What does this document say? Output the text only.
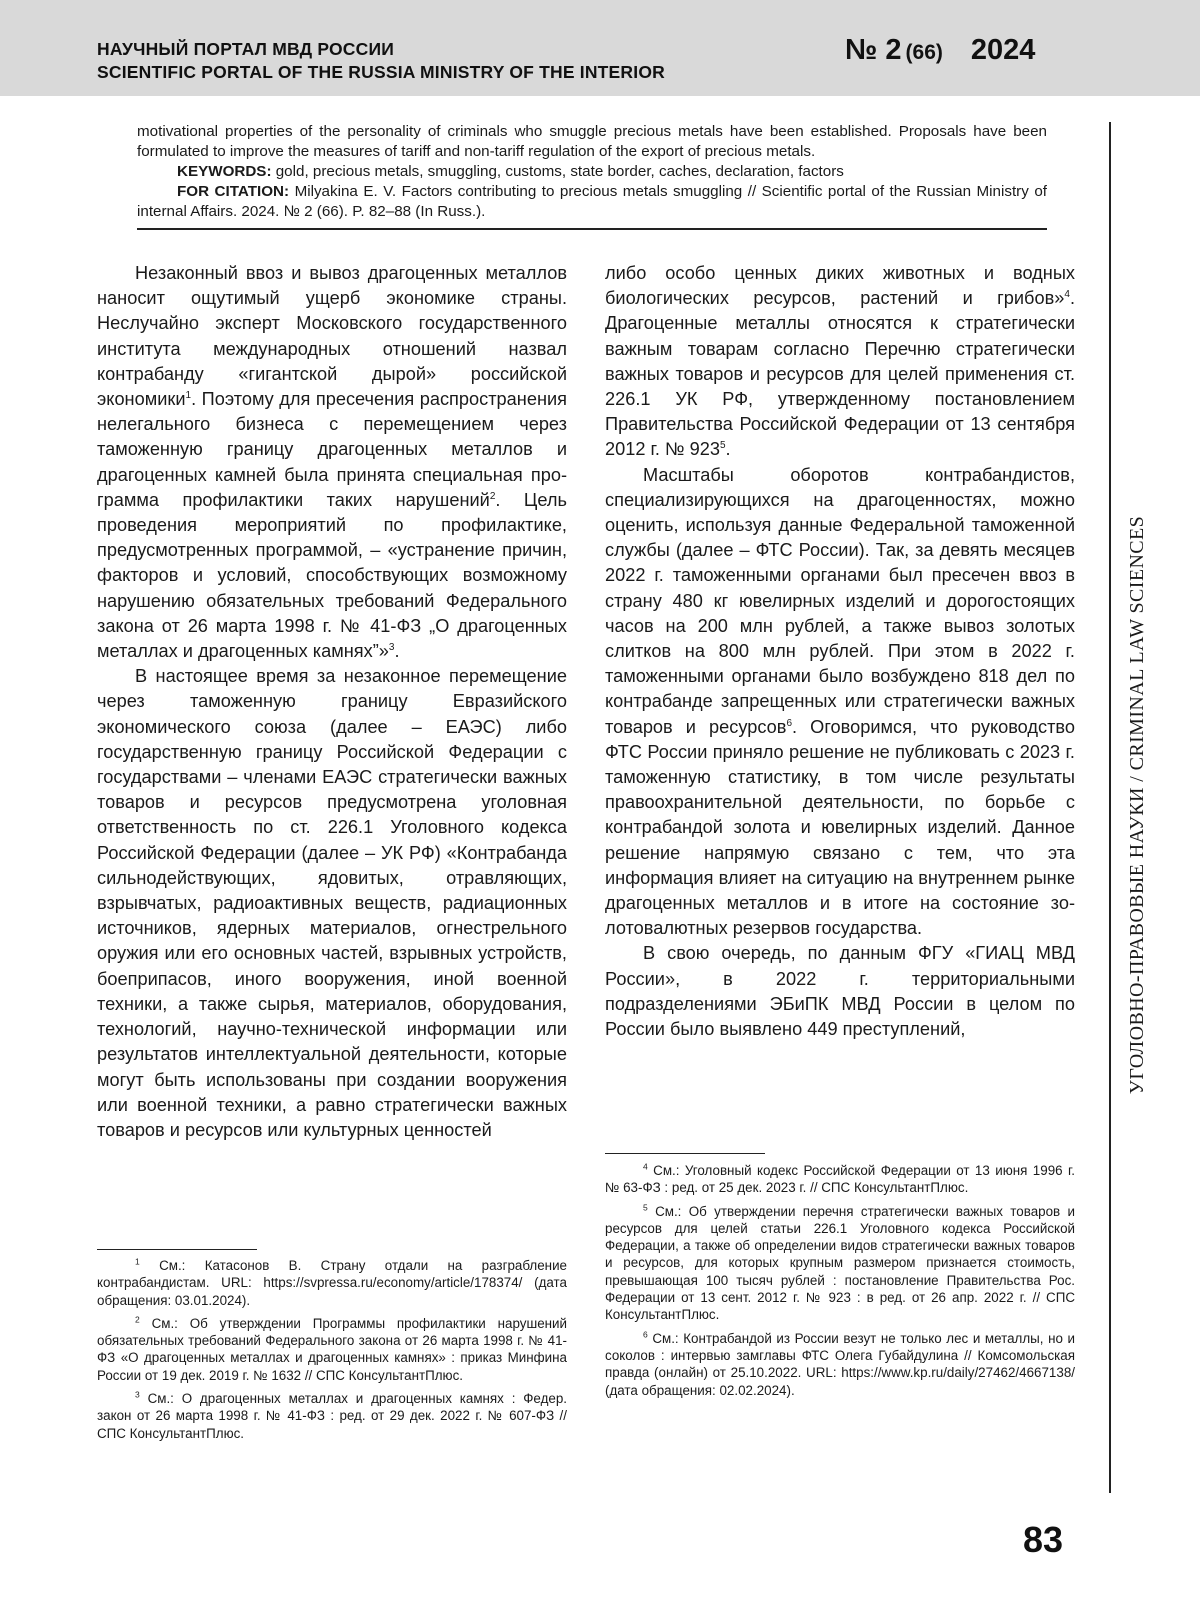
НАУЧНЫЙ ПОРТАЛ МВД РОССИИ
SCIENTIFIC PORTAL OF THE RUSSIA MINISTRY OF THE INTERIOR
№ 2 (66) 2024

motivational properties of the personality of criminals who smuggle precious metals have been established. Proposals have been formulated to improve the measures of tariff and non-tariff regulation of the export of precious metals.

KEYWORDS: gold, precious metals, smuggling, customs, state border, caches, declaration, factors

FOR CITATION: Milyakina E. V. Factors contributing to precious metals smuggling // Scientific portal of the Russian Ministry of internal Affairs. 2024. № 2 (66). P. 82–88 (In Russ.).

Незаконный ввоз и вывоз драгоценных металлов наносит ощутимый ущерб экономике страны. Неслучайно эксперт Московского государственного института международных отношений назвал контрабанду «гигантской дырой» российской экономики$^1$. Поэтому для пресечения распространения нелегального бизнеса с перемещением через таможенную границу драгоценных металлов и драгоценных камней была принята специальная программа профилактики таких нарушений$^2$. Цель проведения мероприятий по профилактике, предусмотренных программой, – «устранение причин, факторов и условий, способствующих возможному нарушению обязательных требований Федерального закона от 26 марта 1998 г. № 41-ФЗ „О драгоценных металлах и драгоценных камнях”»$^3$.

В настоящее время за незаконное перемещение через таможенную границу Евразийского экономического союза (далее – ЕАЭС) либо государственную границу Российской Федерации с государствами – членами ЕАЭС стратегически важных товаров и ресурсов предусмотрена уголовная ответственность по ст. 226.1 Уголовного кодекса Российской Федерации (далее – УК РФ) «Контрабанда сильнодействующих, ядовитых, отравляющих, взрывчатых, радиоактивных веществ, радиационных источников, ядерных материалов, огнестрельного оружия или его основных частей, взрывных устройств, боеприпасов, иного вооружения, иной военной техники, а также сырья, материалов, оборудования, технологий, научно-технической информации или результатов интеллектуальной деятельности, которые могут быть использованы при создании вооружения или военной техники, а равно стратегически важных товаров и ресурсов или культурных ценностей

либо особо ценных диких животных и водных биологических ресурсов, растений и грибов»$^4$. Драгоценные металлы относятся к стратегически важным товарам согласно Перечню стратегически важных товаров и ресурсов для целей применения ст. 226.1 УК РФ, утвержденному постановлением Правительства Российской Федерации от 13 сентября 2012 г. № $923^5$.

Масштабы оборотов контрабандистов, специализирующихся на драгоценностях, можно оценить, используя данные Федеральной таможенной службы (далее – ФТС России). Так, за девять месяцев 2022 г. таможенными органами был пресечен ввоз в страну 480 кг ювелирных изделий и дорогостоящих часов на 200 млн рублей, а также вывоз золотых слитков на 800 млн рублей. При этом в 2022 г. таможенными органами было возбуждено 818 дел по контрабанде запрещенных или стратегически важных товаров и ресурсов$^6$. Оговоримся, что руководство ФТС России приняло решение не публиковать с 2023 г. таможенную статистику, в том числе результаты правоохранительной деятельности, по борьбе с контрабандой золота и ювелирных изделий. Данное решение напрямую связано с тем, что эта информация влияет на ситуацию на внутреннем рынке драгоценных металлов и в итоге на состояние золотовалютных резервов государства.

В свою очередь, по данным ФГУ «ГИАЦ МВД России», в 2022 г. территориальными подразделениями ЭБиПК МВД России в целом по России было выявлено 449 преступлений,

$^1$ См.: Катасонов В. Страну отдали на разграбление контрабандистам. URL: https://svpressa.ru/economy/article/178374/ (дата обращения: 03.01.2024).

$^2$ См.: Об утверждении Программы профилактики нарушений обязательных требований Федерального закона от 26 марта 1998 г. № 41-ФЗ «О драгоценных металлах и драгоценных камнях» : приказ Минфина России от 19 дек. 2019 г. № 1632 // СПС КонсультантПлюс.

$^3$ См.: О драгоценных металлах и драгоценных камнях : Федер. закон от 26 марта 1998 г. № 41-ФЗ : ред. от 29 дек. 2022 г. № 607-ФЗ // СПС КонсультантПлюс.

$^4$ См.: Уголовный кодекс Российской Федерации от 13 июня 1996 г. № 63-ФЗ : ред. от 25 дек. 2023 г. // СПС КонсультантПлюс.

$^5$ См.: Об утверждении перечня стратегически важных товаров и ресурсов для целей статьи 226.1 Уголовного кодекса Российской Федерации, а также об определении видов стратегически важных товаров и ресурсов, для которых крупным размером признается стоимость, превышающая 100 тысяч рублей : постановление Правительства Рос. Федерации от 13 сент. 2012 г. № 923 : в ред. от 26 апр. 2022 г. // СПС КонсультантПлюс.

$^6$ См.: Контрабандой из России везут не только лес и металлы, но и соколов : интервью замглавы ФТС Олега Губайдулина // Комсомольская правда (онлайн) от 25.10.2022. URL: https://www.kp.ru/daily/27462/4667138/ (дата обращения: 02.02.2024).

УГОЛОВНО-ПРАВОВЫЕ НАУКИ / CRIMINAL LAW SCIENCES
83
